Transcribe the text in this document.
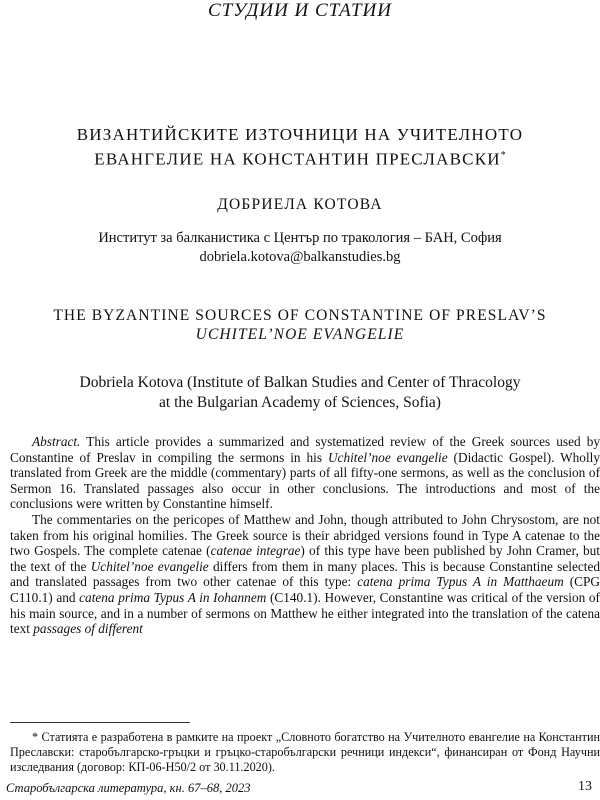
СТУДИИ И СТАТИИ
ВИЗАНТИЙСКИТЕ ИЗТОЧНИЦИ НА УЧИТЕЛНОТО
ЕВАНГЕЛИЕ НА КОНСТАНТИН ПРЕСЛАВСКИ*
ДОБРИЕЛА КОТОВА
Институт за балканистика с Център по тракология – БАН, София
dobriela.kotova@balkanstudies.bg
THE BYZANTINE SOURCES OF CONSTANTINE OF PRESLAV’S
UCHITEL’NOE EVANGELIE
Dobriela Kotova (Institute of Balkan Studies and Center of Thracology
at the Bulgarian Academy of Sciences, Sofia)

Abstract. This article provides a summarized and systematized review of the Greek sources used by Constantine of Preslav in compiling the sermons in his Uchitel’noe evangelie (Didactic Gospel). Wholly translated from Greek are the middle (commentary) parts of all fifty-one sermons, as well as the conclusion of Sermon 16. Translated passages also occur in other conclusions. The introductions and most of the conclusions were written by Constantine himself.

The commentaries on the pericopes of Matthew and John, though attributed to John Chrysostom, are not taken from his original homilies. The Greek source is their abridged versions found in Type A catenae to the two Gospels. The complete catenae (catenae integrae) of this type have been published by John Cramer, but the text of the Uchitel’noe evangelie differs from them in many places. This is because Constantine selected and translated passages from two other catenae of this type: catena prima Typus A in Matthaeum (CPG C110.1) and catena prima Typus A in Iohannem (C140.1). However, Constantine was critical of the version of his main source, and in a number of sermons on Matthew he either integrated into the translation of the catena text passages of different

* Статията е разработена в рамките на проект „Словното богатство на Учителното евангелие на Константин Преславски: старобългарско-гръцки и гръцко-старобългарски речници индекси“, финансиран от Фонд Научни изследвания (договор: КП-06-Н50/2 от 30.11.2020).

Старобългарска литература, кн. 67–68, 2023	13
